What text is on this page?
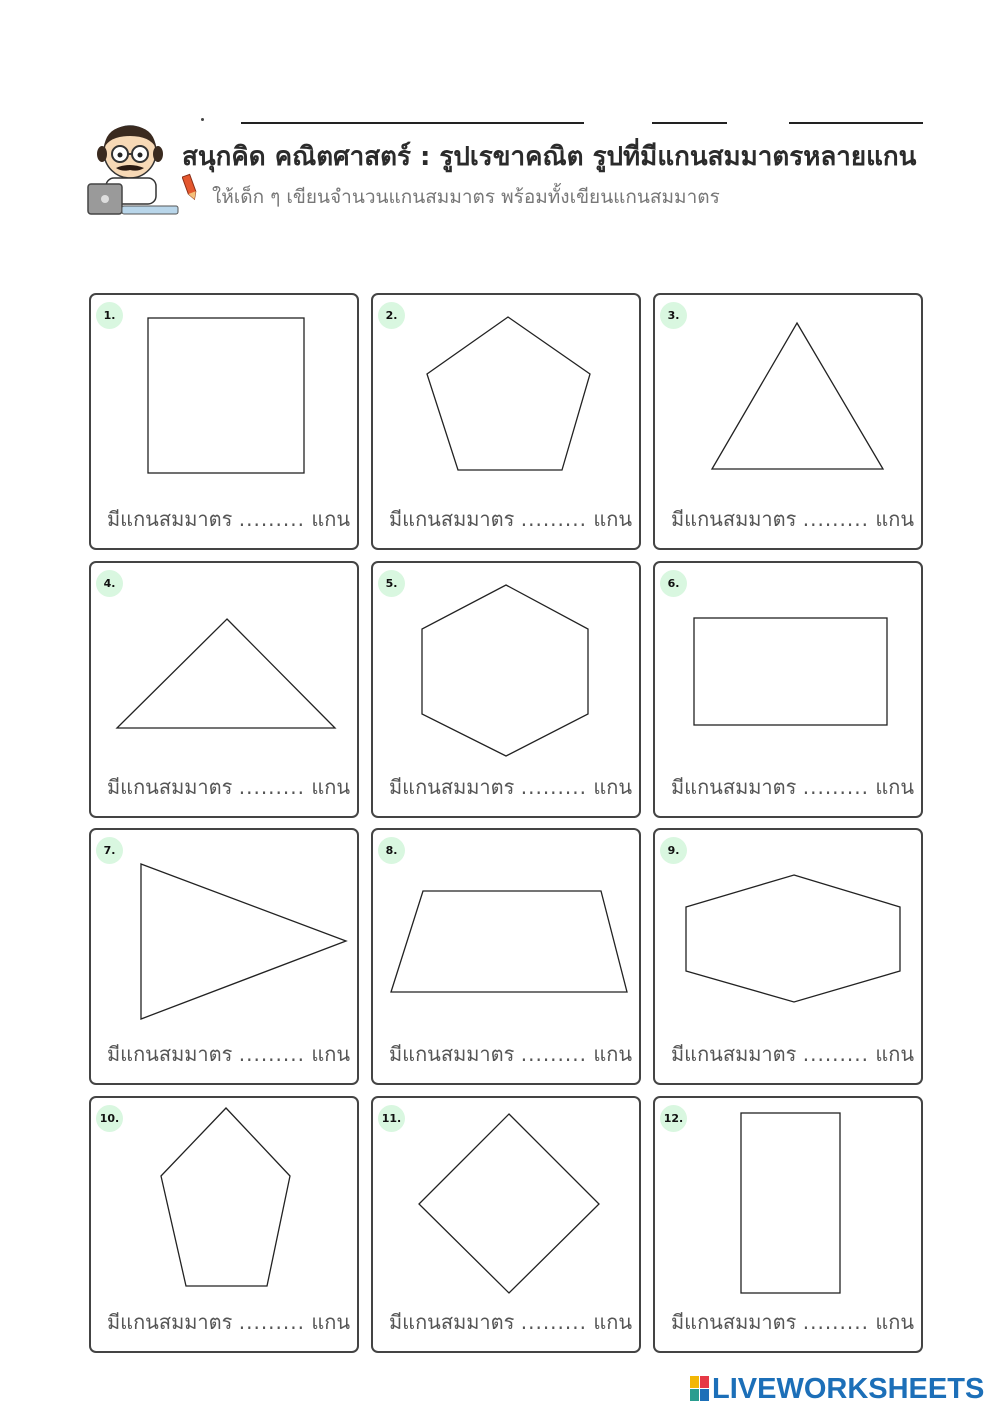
สนุกคิด คณิตศาสตร์ : รูปเรขาคณิต รูปที่มีแกนสมมาตรหลายแกน
ให้เด็ก ๆ เขียนจำนวนแกนสมมาตร พร้อมทั้งเขียนแกนสมมาตร
1.
มีแกนสมมาตร ......... แกน
2.
มีแกนสมมาตร ......... แกน
3.
มีแกนสมมาตร ......... แกน
4.
มีแกนสมมาตร ......... แกน
5.
มีแกนสมมาตร ......... แกน
6.
มีแกนสมมาตร ......... แกน
7.
มีแกนสมมาตร ......... แกน
8.
มีแกนสมมาตร ......... แกน
9.
มีแกนสมมาตร ......... แกน
10.
มีแกนสมมาตร ......... แกน
11.
มีแกนสมมาตร ......... แกน
12.
มีแกนสมมาตร ......... แกน
LIVEWORKSHEETS
